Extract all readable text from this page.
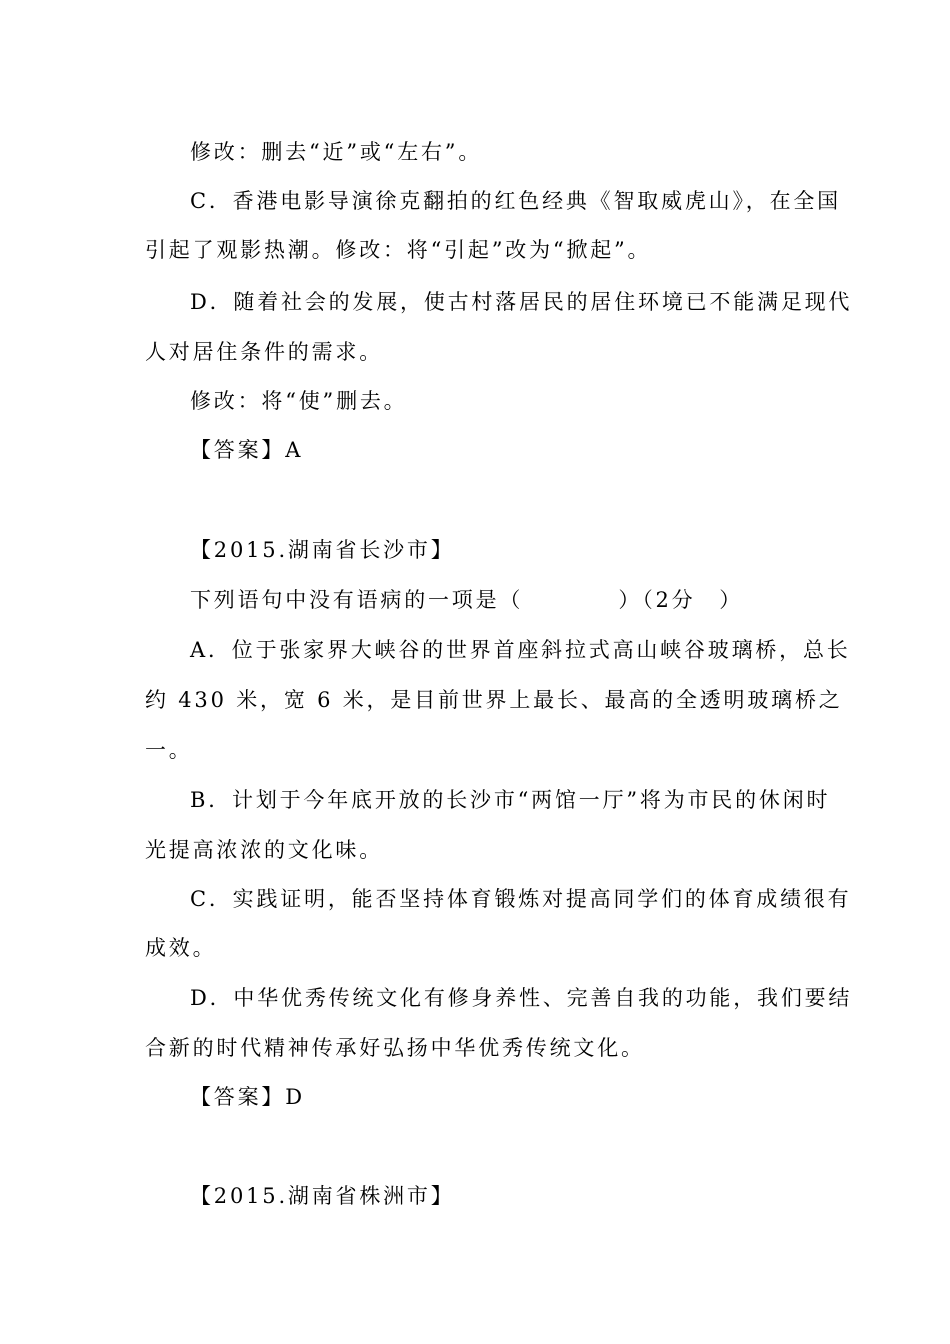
修改：删去“近”或“左右”。
C．香港电影导演徐克翻拍的红色经典《智取威虎山》，在全国
引起了观影热潮。修改：将“引起”改为“掀起”。
D．随着社会的发展，使古村落居民的居住环境已不能满足现代
人对居住条件的需求。
修改：将“使”删去。
【答案】A
【2015.湖南省长沙市】
下列语句中没有语病的一项是（　　　　）（2分　）
A．位于张家界大峡谷的世界首座斜拉式高山峡谷玻璃桥，总长
约 430 米，宽 6 米，是目前世界上最长、最高的全透明玻璃桥之
一。
B．计划于今年底开放的长沙市“两馆一厅”将为市民的休闲时
光提高浓浓的文化味。
C．实践证明，能否坚持体育锻炼对提高同学们的体育成绩很有
成效。
D．中华优秀传统文化有修身养性、完善自我的功能，我们要结
合新的时代精神传承好弘扬中华优秀传统文化。
【答案】D
【2015.湖南省株洲市】
